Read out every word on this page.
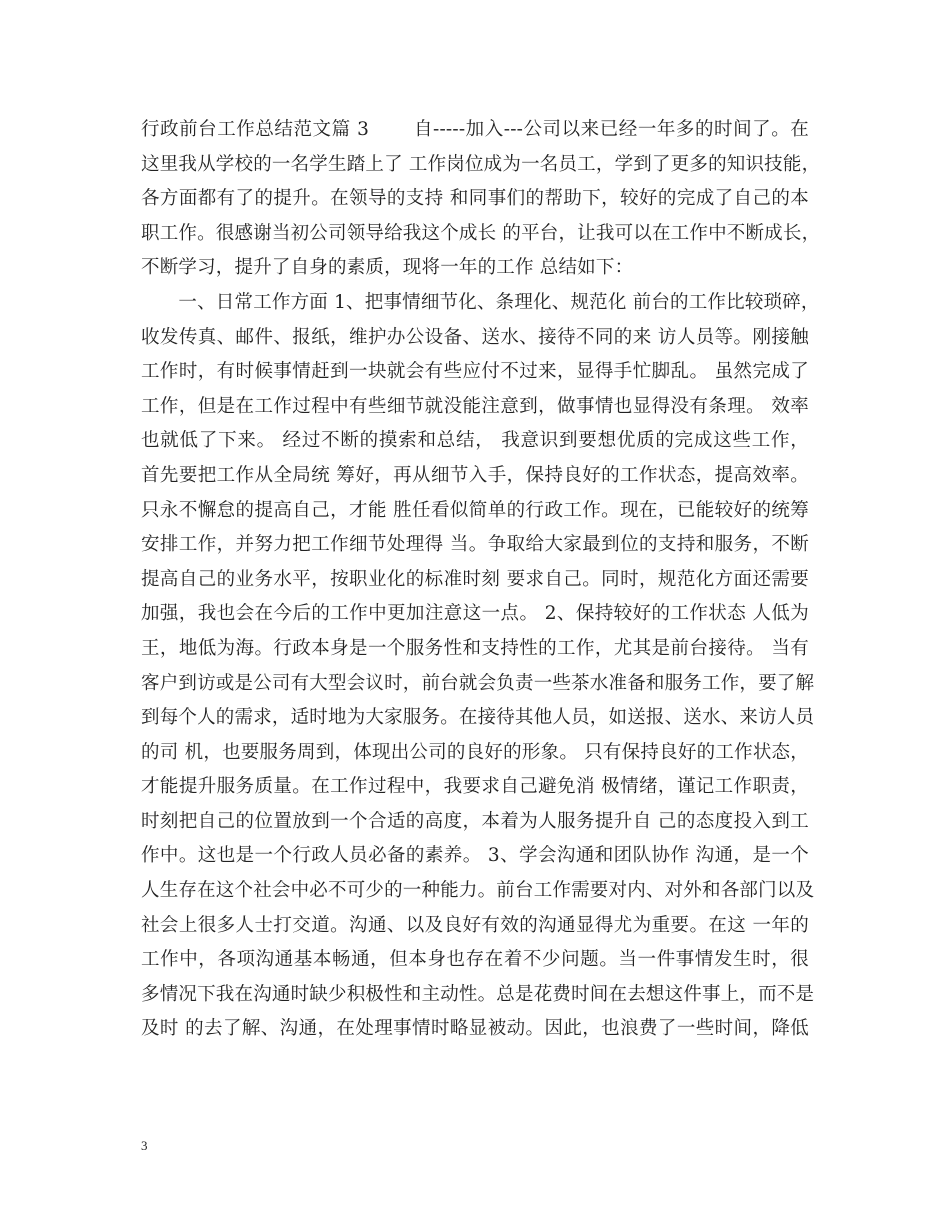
行政前台工作总结范文篇 3　　 自-----加入---公司以来已经一年多的时间了。在
这里我从学校的一名学生踏上了 工作岗位成为一名员工，学到了更多的知识技能，
各方面都有了的提升。在领导的支持 和同事们的帮助下，较好的完成了自己的本
职工作。很感谢当初公司领导给我这个成长 的平台，让我可以在工作中不断成长，
不断学习，提升了自身的素质，现将一年的工作 总结如下：
　　一、日常工作方面 1、把事情细节化、条理化、规范化 前台的工作比较琐碎，
收发传真、邮件、报纸，维护办公设备、送水、接待不同的来 访人员等。刚接触
工作时，有时候事情赶到一块就会有些应付不过来，显得手忙脚乱。 虽然完成了
工作，但是在工作过程中有些细节就没能注意到，做事情也显得没有条理。 效率
也就低了下来。 经过不断的摸索和总结， 我意识到要想优质的完成这些工作，
首先要把工作从全局统 筹好，再从细节入手，保持良好的工作状态，提高效率。
只永不懈怠的提高自己，才能 胜任看似简单的行政工作。现在，已能较好的统筹
安排工作，并努力把工作细节处理得 当。争取给大家最到位的支持和服务，不断
提高自己的业务水平，按职业化的标准时刻 要求自己。同时，规范化方面还需要
加强，我也会在今后的工作中更加注意这一点。 2、保持较好的工作状态 人低为
王，地低为海。行政本身是一个服务性和支持性的工作，尤其是前台接待。 当有
客户到访或是公司有大型会议时，前台就会负责一些茶水准备和服务工作，要了解
到每个人的需求，适时地为大家服务。在接待其他人员，如送报、送水、来访人员
的司 机，也要服务周到，体现出公司的良好的形象。 只有保持良好的工作状态，
才能提升服务质量。在工作过程中，我要求自己避免消 极情绪，谨记工作职责，
时刻把自己的位置放到一个合适的高度，本着为人服务提升自 己的态度投入到工
作中。这也是一个行政人员必备的素养。 3、学会沟通和团队协作 沟通，是一个
人生存在这个社会中必不可少的一种能力。前台工作需要对内、对外和各部门以及
社会上很多人士打交道。沟通、以及良好有效的沟通显得尤为重要。在这 一年的
工作中，各项沟通基本畅通，但本身也存在着不少问题。当一件事情发生时，很
多情况下我在沟通时缺少积极性和主动性。总是花费时间在去想这件事上，而不是
及时 的去了解、沟通，在处理事情时略显被动。因此，也浪费了一些时间，降低
3
